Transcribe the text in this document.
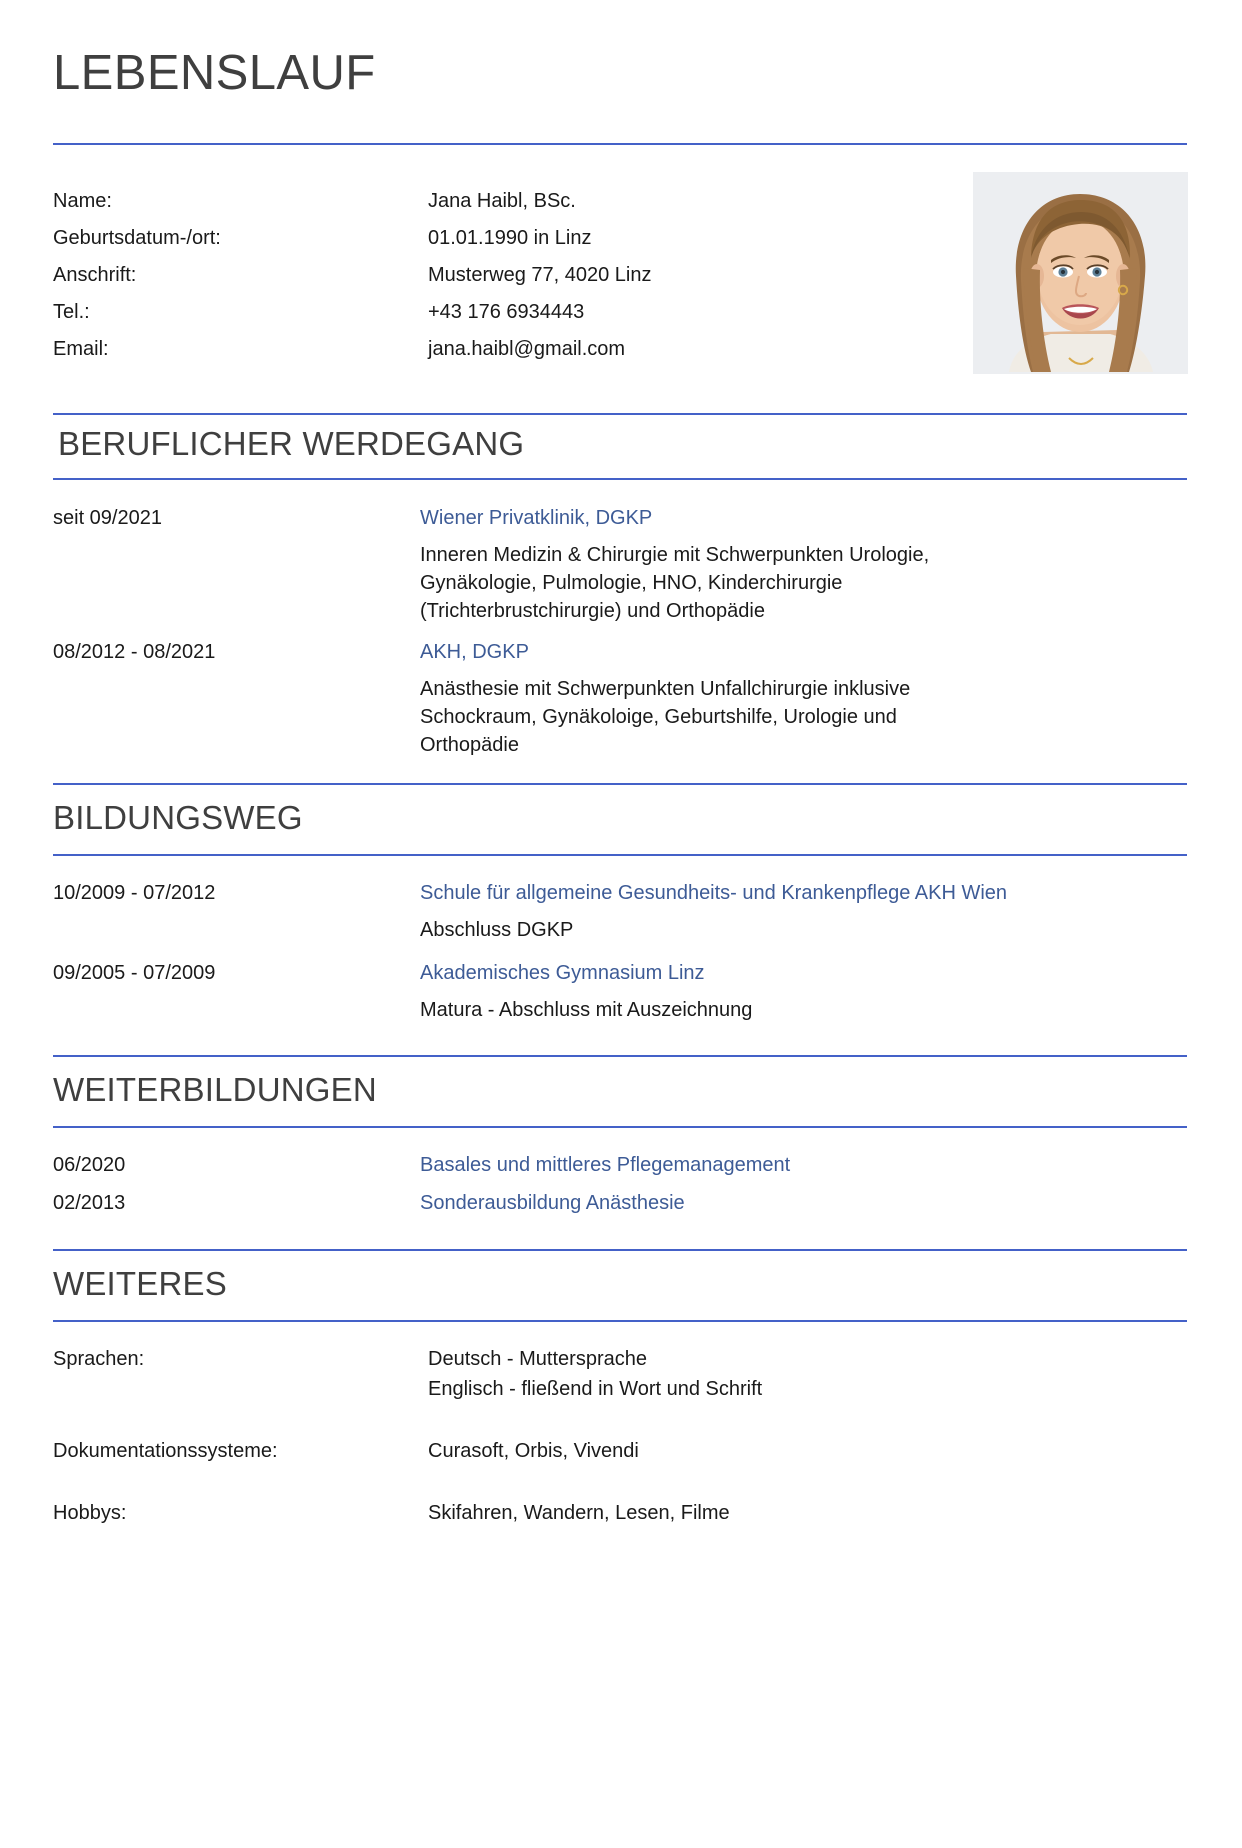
LEBENSLAUF
Name:	Jana Haibl, BSc.
Geburtsdatum-/ort:	01.01.1990 in Linz
Anschrift:	Musterweg 77, 4020 Linz
Tel.:	+43 176 6934443
Email:	jana.haibl@gmail.com
BERUFLICHER WERDEGANG
seit 09/2021	Wiener Privatklinik, DGKP
Inneren Medizin & Chirurgie mit Schwerpunkten Urologie, Gynäkologie, Pulmologie, HNO, Kinderchirurgie (Trichterbrustchirurgie) und Orthopädie
08/2012 - 08/2021	AKH, DGKP
Anästhesie mit Schwerpunkten Unfallchirurgie inklusive Schockraum, Gynäkoloige, Geburtshilfe, Urologie und Orthopädie
BILDUNGSWEG
10/2009 - 07/2012	Schule für allgemeine Gesundheits- und Krankenpflege AKH Wien
Abschluss DGKP
09/2005 - 07/2009	Akademisches Gymnasium Linz
Matura - Abschluss mit Auszeichnung
WEITERBILDUNGEN
06/2020	Basales und mittleres Pflegemanagement
02/2013	Sonderausbildung Anästhesie
WEITERES
Sprachen:	Deutsch - Muttersprache
Englisch - fließend in Wort und Schrift
Dokumentationssysteme:	Curasoft, Orbis, Vivendi
Hobbys:	Skifahren, Wandern, Lesen, Filme
